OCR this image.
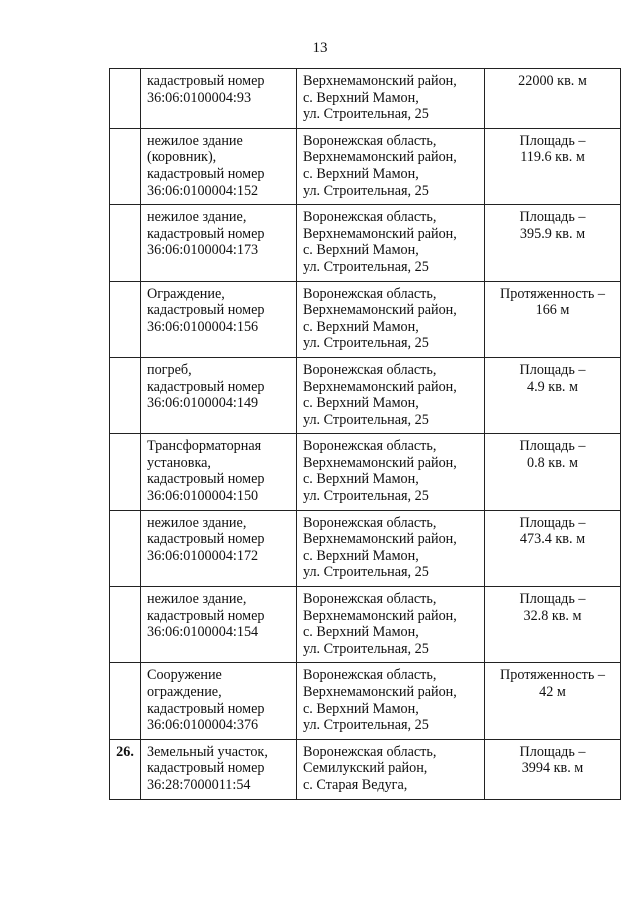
13

	кадастровый номер
36:06:0100004:93	Верхнемамонский район,
с. Верхний Мамон,
ул. Строительная, 25	22000 кв. м

	нежилое здание
(коровник),
кадастровый номер
36:06:0100004:152	Воронежская область,
Верхнемамонский район,
с. Верхний Мамон,
ул. Строительная, 25	Площадь –
119.6 кв. м

	нежилое здание,
кадастровый номер
36:06:0100004:173	Воронежская область,
Верхнемамонский район,
с. Верхний Мамон,
ул. Строительная, 25	Площадь –
395.9 кв. м

	Ограждение,
кадастровый номер
36:06:0100004:156	Воронежская область,
Верхнемамонский район,
с. Верхний Мамон,
ул. Строительная, 25	Протяженность –
166 м

	погреб,
кадастровый номер
36:06:0100004:149	Воронежская область,
Верхнемамонский район,
с. Верхний Мамон,
ул. Строительная, 25	Площадь –
4.9 кв. м

	Трансформаторная
установка,
кадастровый номер
36:06:0100004:150	Воронежская область,
Верхнемамонский район,
с. Верхний Мамон,
ул. Строительная, 25	Площадь –
0.8 кв. м

	нежилое здание,
кадастровый номер
36:06:0100004:172	Воронежская область,
Верхнемамонский район,
с. Верхний Мамон,
ул. Строительная, 25	Площадь –
473.4 кв. м

	нежилое здание,
кадастровый номер
36:06:0100004:154	Воронежская область,
Верхнемамонский район,
с. Верхний Мамон,
ул. Строительная, 25	Площадь –
32.8 кв. м

	Сооружение
ограждение,
кадастровый номер
36:06:0100004:376	Воронежская область,
Верхнемамонский район,
с. Верхний Мамон,
ул. Строительная, 25	Протяженность –
42 м

26.	Земельный участок,
кадастровый номер
36:28:7000011:54	Воронежская область,
Семилукский район,
с. Старая Ведуга,	Площадь –
3994 кв. м
